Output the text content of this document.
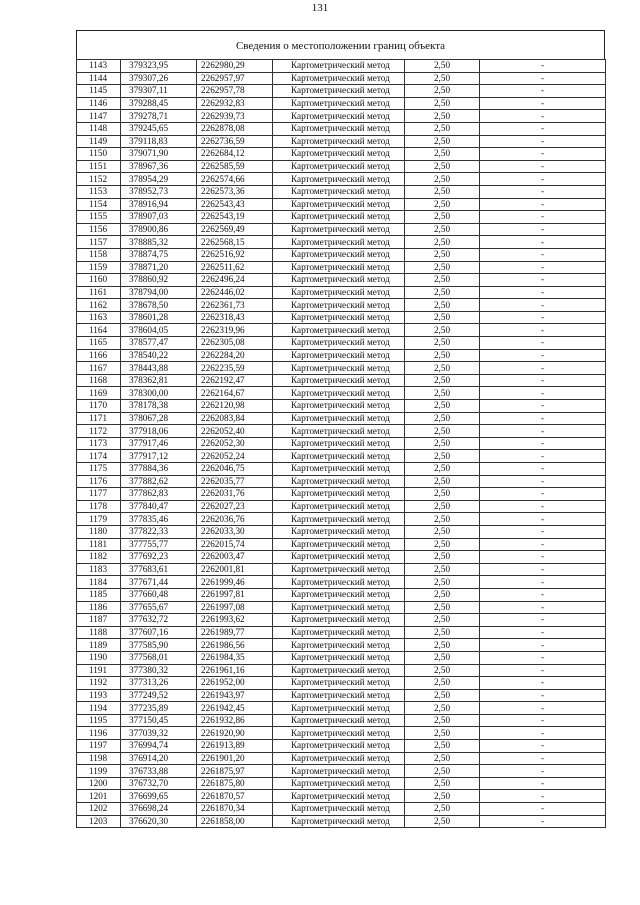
131
Сведения о местоположении границ объекта
1143	379323,95	2262980,29	Картометрический метод	2,50	-
1144	379307,26	2262957,97	Картометрический метод	2,50	-
1145	379307,11	2262957,78	Картометрический метод	2,50	-
1146	379288,45	2262932,83	Картометрический метод	2,50	-
1147	379278,71	2262939,73	Картометрический метод	2,50	-
1148	379245,65	2262878,08	Картометрический метод	2,50	-
1149	379118,83	2262736,59	Картометрический метод	2,50	-
1150	379071,90	2262684,12	Картометрический метод	2,50	-
1151	378967,36	2262585,59	Картометрический метод	2,50	-
1152	378954,29	2262574,66	Картометрический метод	2,50	-
1153	378952,73	2262573,36	Картометрический метод	2,50	-
1154	378916,94	2262543,43	Картометрический метод	2,50	-
1155	378907,03	2262543,19	Картометрический метод	2,50	-
1156	378900,86	2262569,49	Картометрический метод	2,50	-
1157	378885,32	2262568,15	Картометрический метод	2,50	-
1158	378874,75	2262516,92	Картометрический метод	2,50	-
1159	378871,20	2262511,62	Картометрический метод	2,50	-
1160	378860,92	2262496,24	Картометрический метод	2,50	-
1161	378794,00	2262446,02	Картометрический метод	2,50	-
1162	378678,50	2262361,73	Картометрический метод	2,50	-
1163	378601,28	2262318,43	Картометрический метод	2,50	-
1164	378604,05	2262319,96	Картометрический метод	2,50	-
1165	378577,47	2262305,08	Картометрический метод	2,50	-
1166	378540,22	2262284,20	Картометрический метод	2,50	-
1167	378443,88	2262235,59	Картометрический метод	2,50	-
1168	378362,81	2262192,47	Картометрический метод	2,50	-
1169	378300,00	2262164,67	Картометрический метод	2,50	-
1170	378178,38	2262120,98	Картометрический метод	2,50	-
1171	378067,28	2262083,84	Картометрический метод	2,50	-
1172	377918,06	2262052,40	Картометрический метод	2,50	-
1173	377917,46	2262052,30	Картометрический метод	2,50	-
1174	377917,12	2262052,24	Картометрический метод	2,50	-
1175	377884,36	2262046,75	Картометрический метод	2,50	-
1176	377882,62	2262035,77	Картометрический метод	2,50	-
1177	377862,83	2262031,76	Картометрический метод	2,50	-
1178	377840,47	2262027,23	Картометрический метод	2,50	-
1179	377835,46	2262036,76	Картометрический метод	2,50	-
1180	377822,33	2262033,30	Картометрический метод	2,50	-
1181	377755,77	2262015,74	Картометрический метод	2,50	-
1182	377692,23	2262003,47	Картометрический метод	2,50	-
1183	377683,61	2262001,81	Картометрический метод	2,50	-
1184	377671,44	2261999,46	Картометрический метод	2,50	-
1185	377660,48	2261997,81	Картометрический метод	2,50	-
1186	377655,67	2261997,08	Картометрический метод	2,50	-
1187	377632,72	2261993,62	Картометрический метод	2,50	-
1188	377607,16	2261989,77	Картометрический метод	2,50	-
1189	377585,90	2261986,56	Картометрический метод	2,50	-
1190	377568,01	2261984,35	Картометрический метод	2,50	-
1191	377380,32	2261961,16	Картометрический метод	2,50	-
1192	377313,26	2261952,00	Картометрический метод	2,50	-
1193	377249,52	2261943,97	Картометрический метод	2,50	-
1194	377235,89	2261942,45	Картометрический метод	2,50	-
1195	377150,45	2261932,86	Картометрический метод	2,50	-
1196	377039,32	2261920,90	Картометрический метод	2,50	-
1197	376994,74	2261913,89	Картометрический метод	2,50	-
1198	376914,20	2261901,20	Картометрический метод	2,50	-
1199	376733,88	2261875,97	Картометрический метод	2,50	-
1200	376732,70	2261875,80	Картометрический метод	2,50	-
1201	376699,65	2261870,57	Картометрический метод	2,50	-
1202	376698,24	2261870,34	Картометрический метод	2,50	-
1203	376620,30	2261858,00	Картометрический метод	2,50	-
